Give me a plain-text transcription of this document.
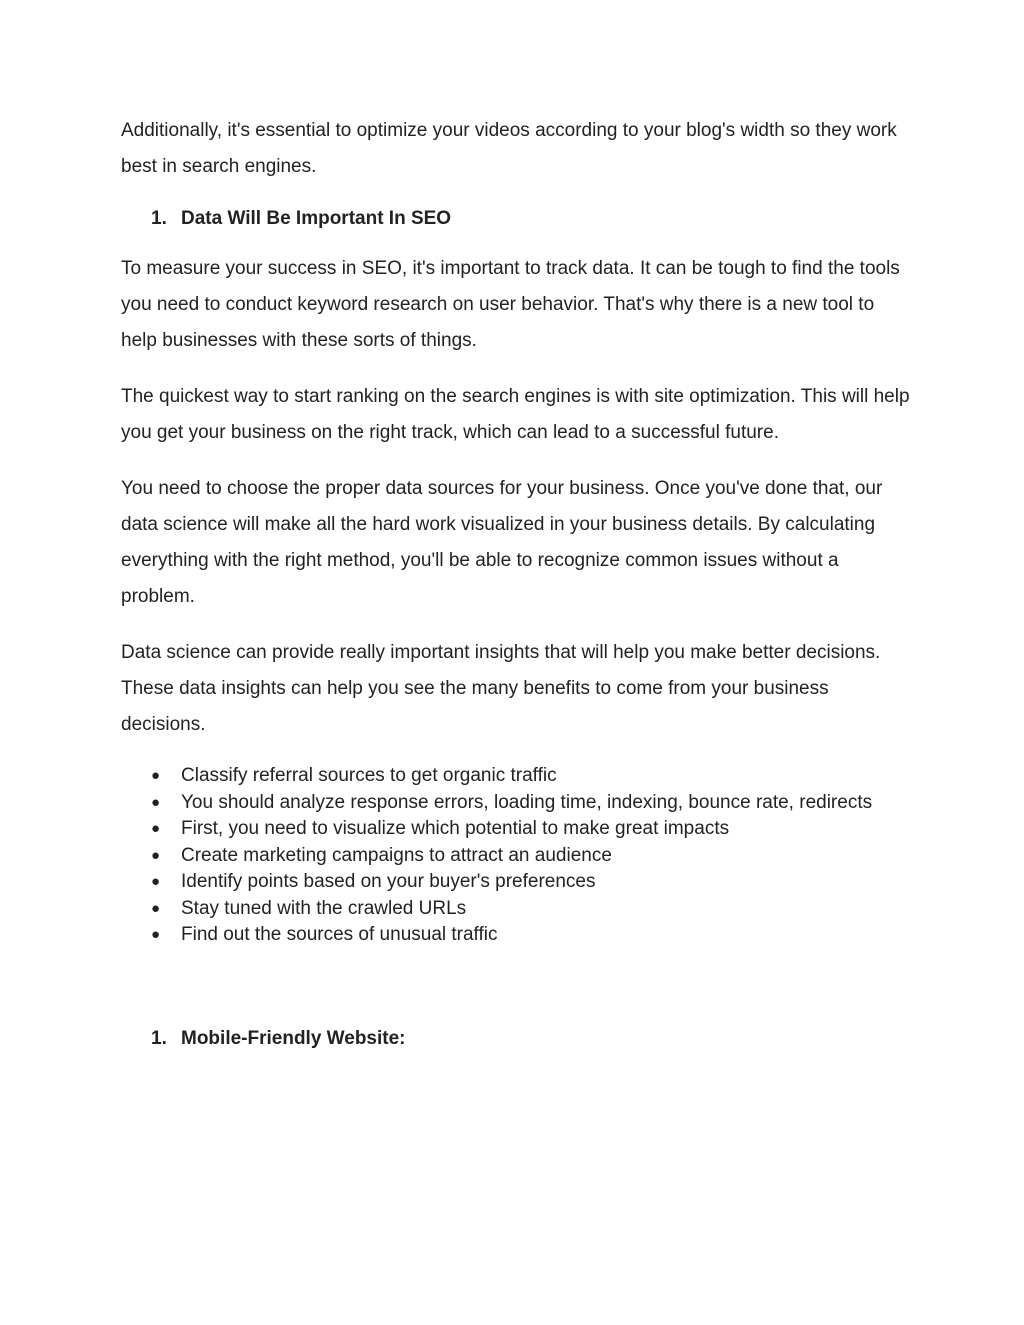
Additionally, it's essential to optimize your videos according to your blog's width so they work best in search engines.

1. Data Will Be Important In SEO

To measure your success in SEO, it's important to track data. It can be tough to find the tools you need to conduct keyword research on user behavior. That's why there is a new tool to help businesses with these sorts of things.

The quickest way to start ranking on the search engines is with site optimization. This will help you get your business on the right track, which can lead to a successful future.

You need to choose the proper data sources for your business. Once you've done that, our data science will make all the hard work visualized in your business details. By calculating everything with the right method, you'll be able to recognize common issues without a problem.

Data science can provide really important insights that will help you make better decisions. These data insights can help you see the many benefits to come from your business decisions.

●	Classify referral sources to get organic traffic
●	You should analyze response errors, loading time, indexing, bounce rate, redirects
●	First, you need to visualize which potential to make great impacts
●	Create marketing campaigns to attract an audience
●	Identify points based on your buyer's preferences
●	Stay tuned with the crawled URLs
●	Find out the sources of unusual traffic
1. Mobile-Friendly Website:
